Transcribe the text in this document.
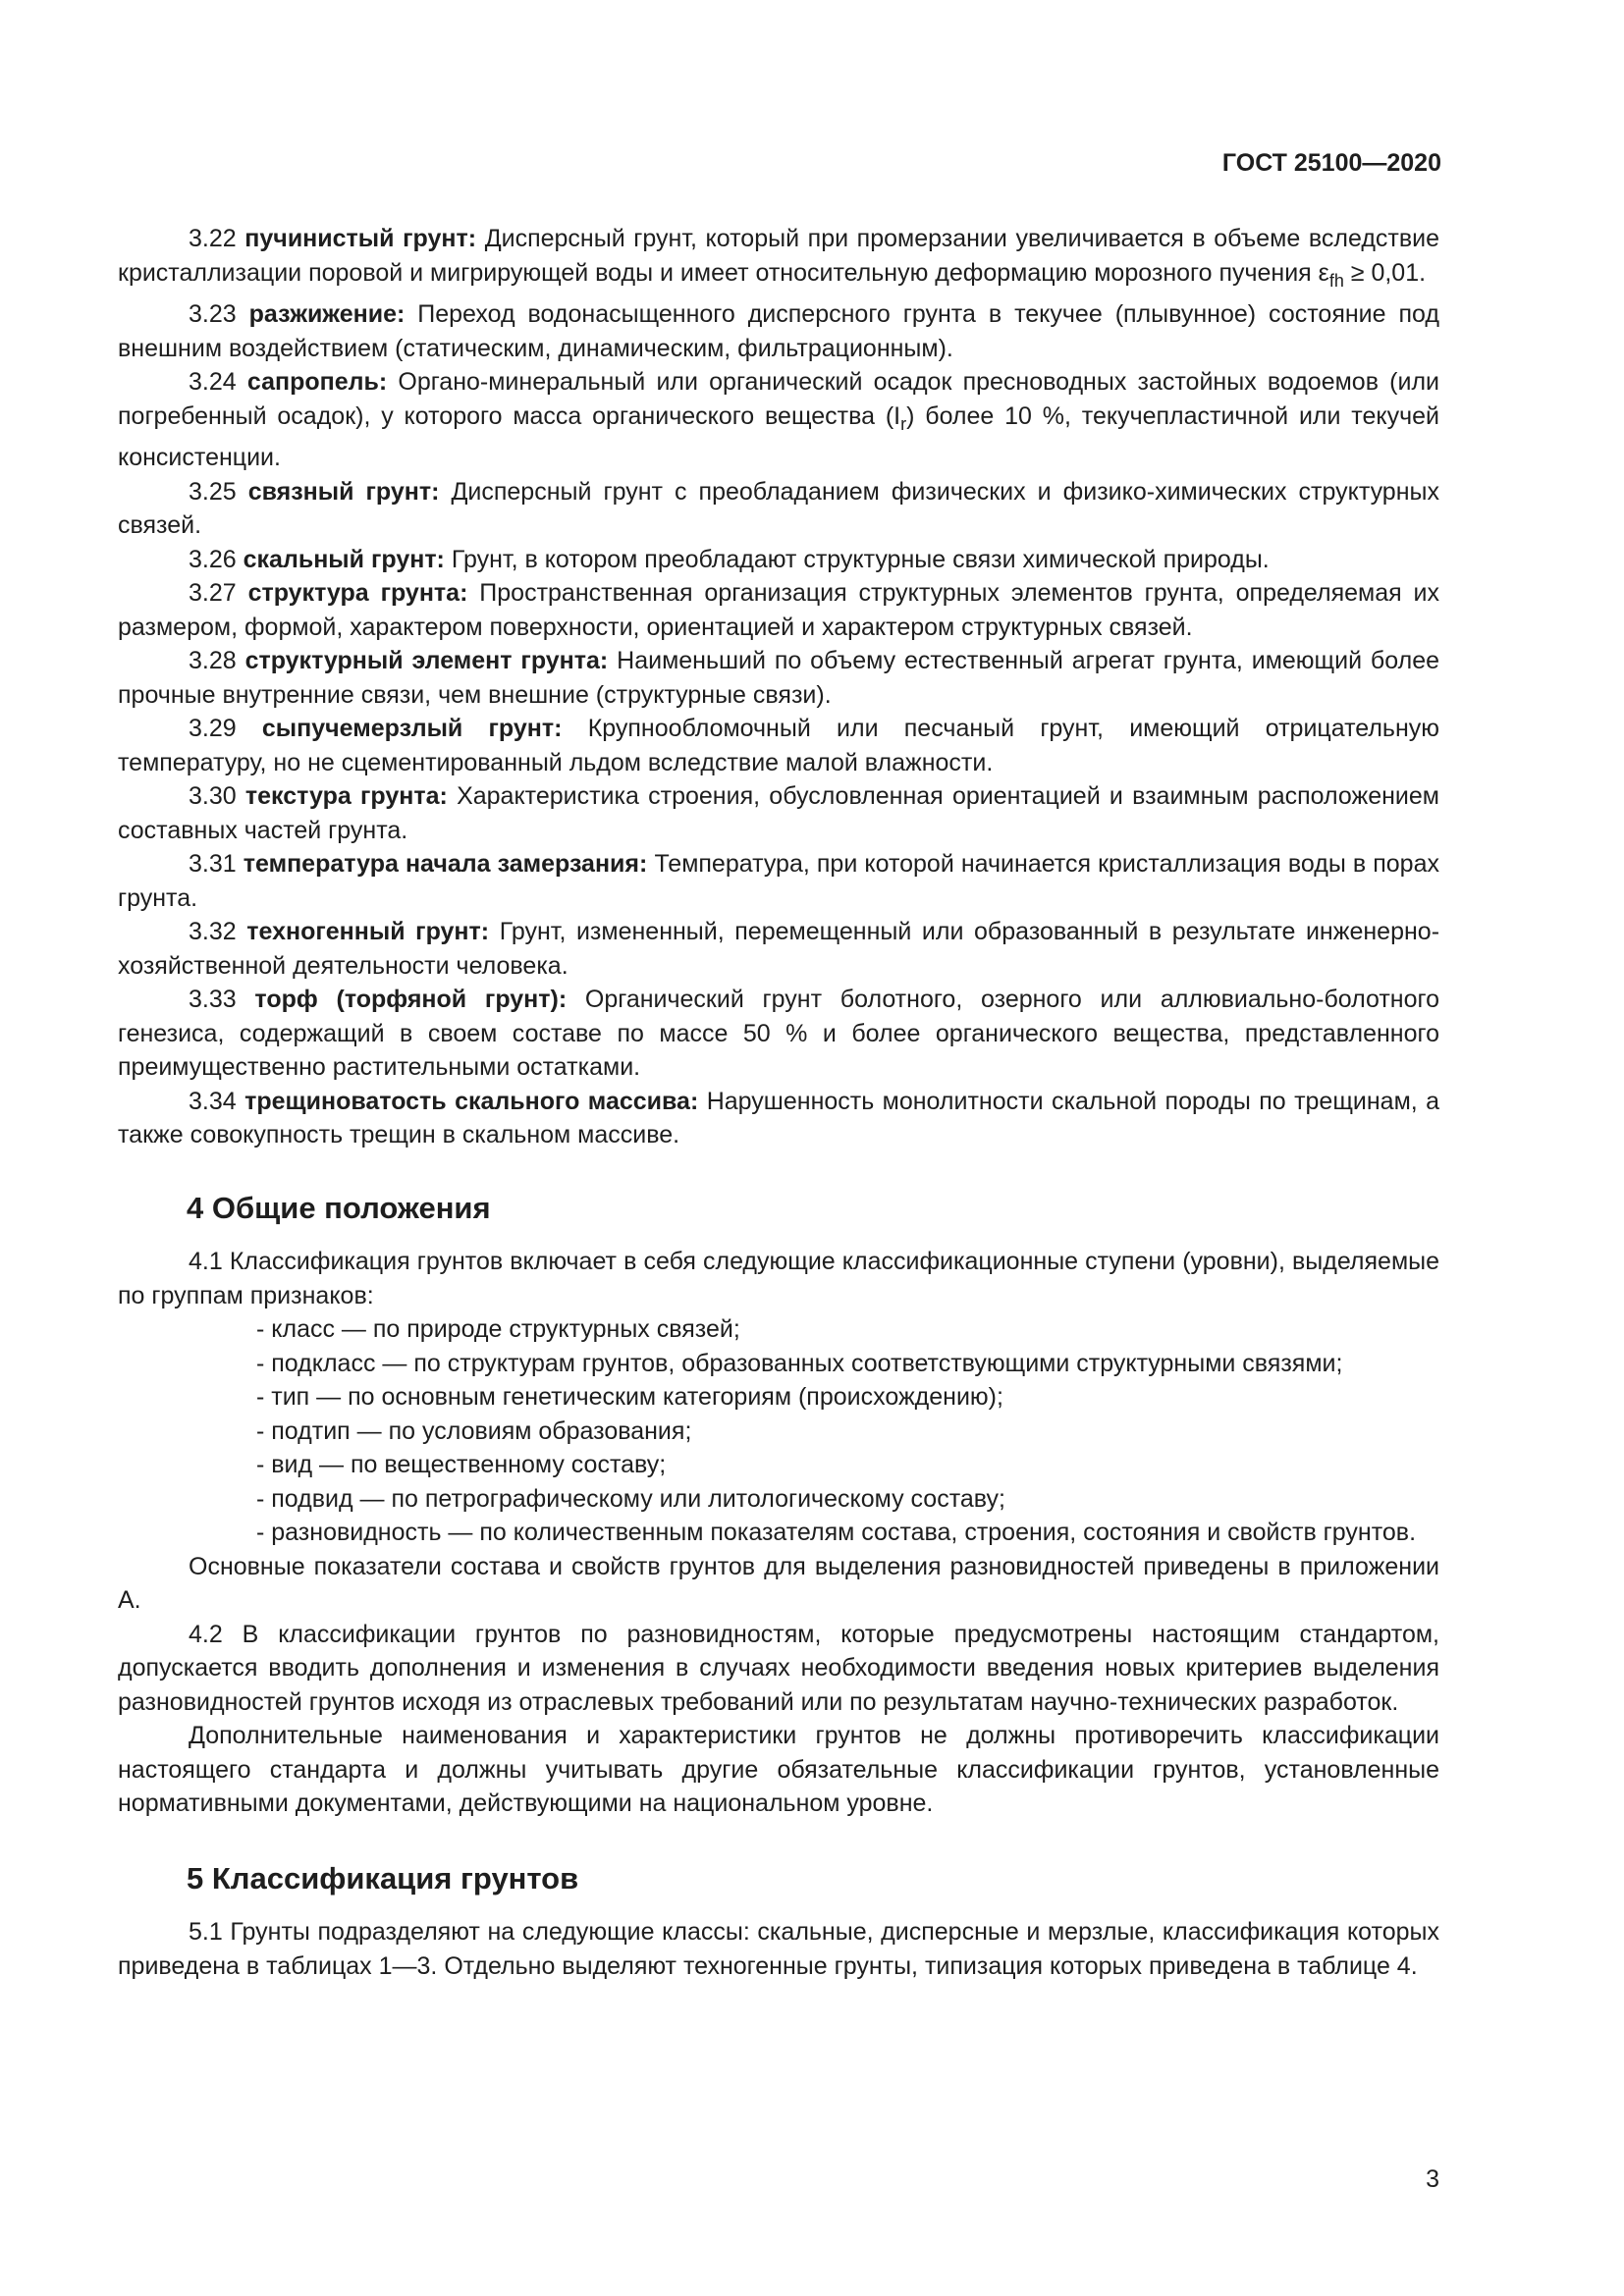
ГОСТ 25100—2020

3.22 пучинистый грунт: Дисперсный грунт, который при промерзании увеличивается в объеме вследствие кристаллизации поровой и мигрирующей воды и имеет относительную деформацию морозного пучения $\varepsilon_{fh} \ge 0,01$.

3.23 разжижение: Переход водонасыщенного дисперсного грунта в текучее (плывунное) состояние под внешним воздействием (статическим, динамическим, фильтрационным).

3.24 сапропель: Органо-минеральный или органический осадок пресноводных застойных водоемов (или погребенный осадок), у которого масса органического вещества $(I_r)$ более 10 %, текучепластичной или текучей консистенции.

3.25 связный грунт: Дисперсный грунт с преобладанием физических и физико-химических структурных связей.

3.26 скальный грунт: Грунт, в котором преобладают структурные связи химической природы.

3.27 структура грунта: Пространственная организация структурных элементов грунта, определяемая их размером, формой, характером поверхности, ориентацией и характером структурных связей.

3.28 структурный элемент грунта: Наименьший по объему естественный агрегат грунта, имеющий более прочные внутренние связи, чем внешние (структурные связи).

3.29 сыпучемерзлый грунт: Крупнообломочный или песчаный грунт, имеющий отрицательную температуру, но не сцементированный льдом вследствие малой влажности.

3.30 текстура грунта: Характеристика строения, обусловленная ориентацией и взаимным расположением составных частей грунта.

3.31 температура начала замерзания: Температура, при которой начинается кристаллизация воды в порах грунта.

3.32 техногенный грунт: Грунт, измененный, перемещенный или образованный в результате инженерно-хозяйственной деятельности человека.

3.33 торф (торфяной грунт): Органический грунт болотного, озерного или аллювиально-болотного генезиса, содержащий в своем составе по массе 50 % и более органического вещества, представленного преимущественно растительными остатками.

3.34 трещиноватость скального массива: Нарушенность монолитности скальной породы по трещинам, а также совокупность трещин в скальном массиве.

4 Общие положения

4.1 Классификация грунтов включает в себя следующие классификационные ступени (уровни), выделяемые по группам признаков:

- класс — по природе структурных связей;

- подкласс — по структурам грунтов, образованных соответствующими структурными связями;

- тип — по основным генетическим категориям (происхождению);

- подтип — по условиям образования;

- вид — по вещественному составу;

- подвид — по петрографическому или литологическому составу;

- разновидность — по количественным показателям состава, строения, состояния и свойств грунтов.

Основные показатели состава и свойств грунтов для выделения разновидностей приведены в приложении А.

4.2 В классификации грунтов по разновидностям, которые предусмотрены настоящим стандартом, допускается вводить дополнения и изменения в случаях необходимости введения новых критериев выделения разновидностей грунтов исходя из отраслевых требований или по результатам научно-технических разработок.

Дополнительные наименования и характеристики грунтов не должны противоречить классификации настоящего стандарта и должны учитывать другие обязательные классификации грунтов, установленные нормативными документами, действующими на национальном уровне.

5 Классификация грунтов

5.1 Грунты подразделяют на следующие классы: скальные, дисперсные и мерзлые, классификация которых приведена в таблицах 1—3. Отдельно выделяют техногенные грунты, типизация которых приведена в таблице 4.

3
